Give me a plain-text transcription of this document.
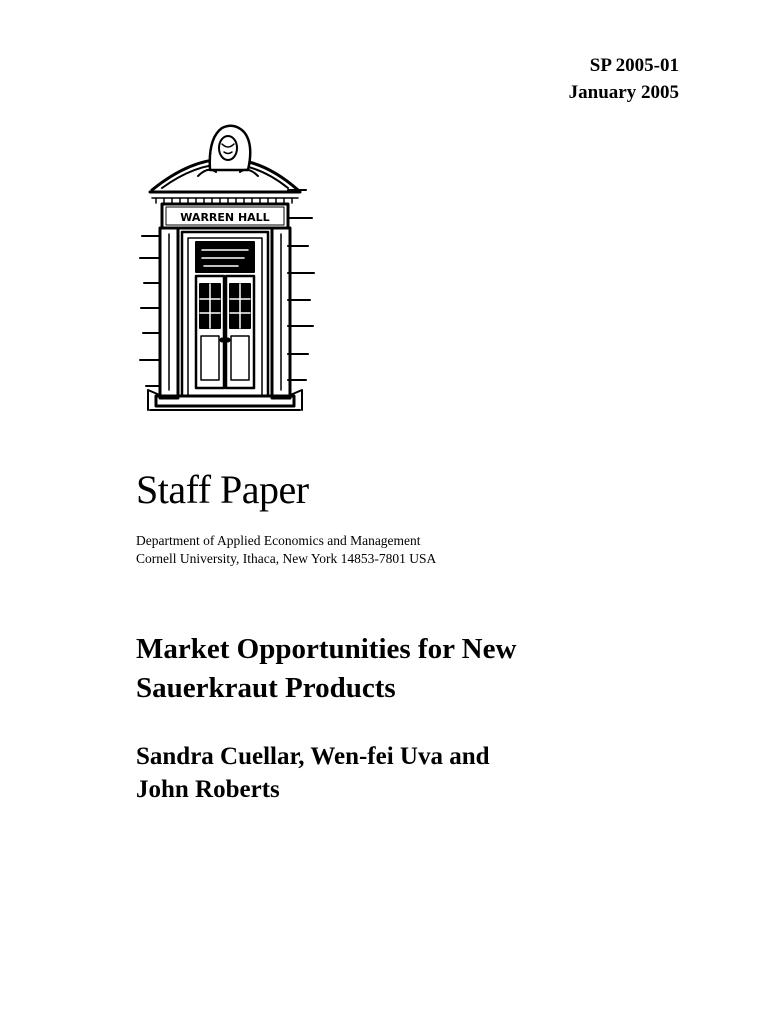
SP 2005-01
January 2005
WARREN HALL
Staff Paper
Department of Applied Economics and Management
Cornell University, Ithaca, New York 14853-7801 USA
Market Opportunities for New
Sauerkraut Products
Sandra Cuellar, Wen-fei Uva and
John Roberts
